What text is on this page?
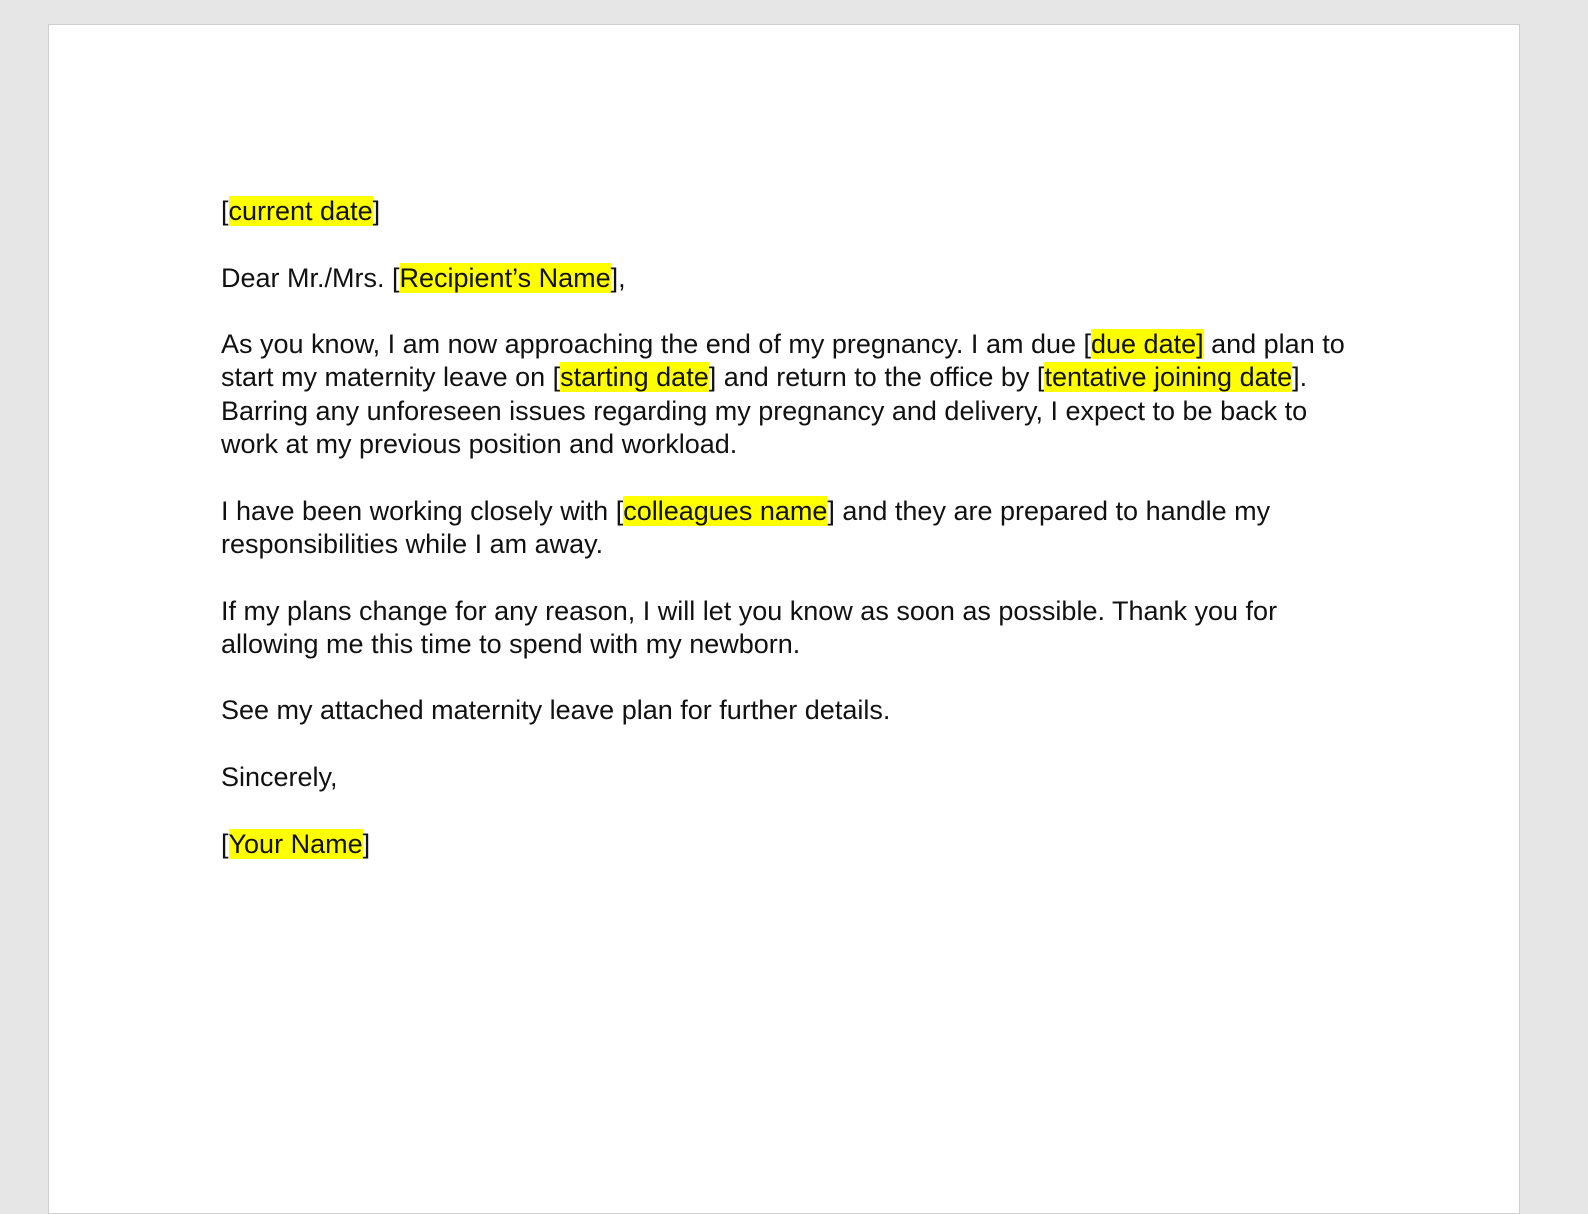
[current date]

Dear Mr./Mrs. [Recipient’s Name],

As you know, I am now approaching the end of my pregnancy. I am due [due date] and plan to start my maternity leave on [starting date] and return to the office by [tentative joining date]. Barring any unforeseen issues regarding my pregnancy and delivery, I expect to be back to work at my previous position and workload.

I have been working closely with [colleagues name] and they are prepared to handle my responsibilities while I am away.

If my plans change for any reason, I will let you know as soon as possible. Thank you for allowing me this time to spend with my newborn.

See my attached maternity leave plan for further details.

Sincerely,

[Your Name]
